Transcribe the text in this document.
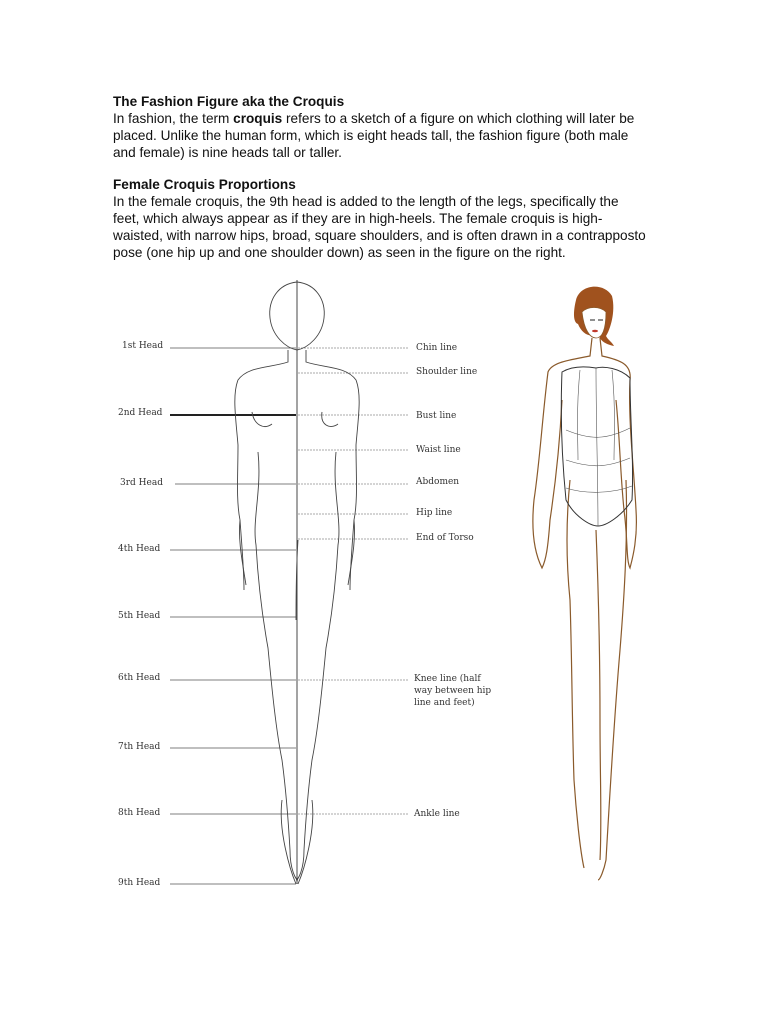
The Fashion Figure aka the Croquis
In fashion, the term croquis refers to a sketch of a figure on which clothing will later be
placed. Unlike the human form, which is eight heads tall, the fashion figure (both male
and female) is nine heads tall or taller.
Female Croquis Proportions
In the female croquis, the 9th head is added to the length of the legs, specifically the
feet, which always appear as if they are in high-heels. The female croquis is high-
waisted, with narrow hips, broad, square shoulders, and is often drawn in a contrapposto
pose (one hip up and one shoulder down) as seen in the figure on the right.
1st Head
2nd Head
3rd Head
4th Head
5th Head
6th Head
7th Head
8th Head
9th Head
Chin line
Shoulder line
Bust line
Waist line
Abdomen
Hip line
End of Torso
Knee line (half
way between hip
line and feet)
Ankle line
